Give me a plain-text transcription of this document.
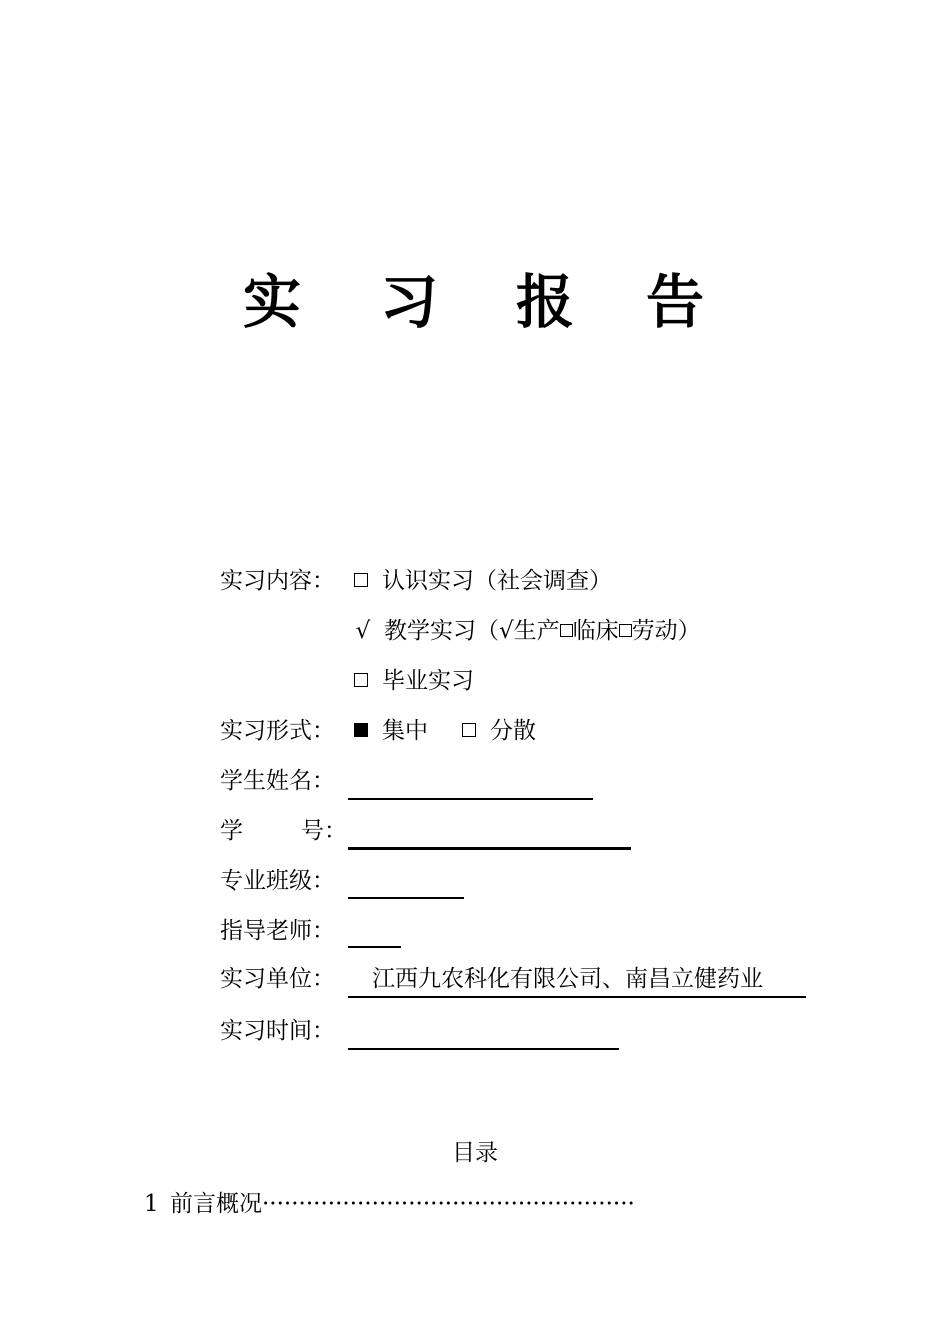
实 习 报 告
实习内容： 认识实习（社会调查）
√ 教学实习（√生产 临床 劳动）
毕业实习
实习形式： 集中	分散
学生姓名：
学	号：
专业班级：
指导老师：
实习单位：	江西九农科化有限公司、南昌立健药业
实习时间：
目录
1 前言概况···················································
